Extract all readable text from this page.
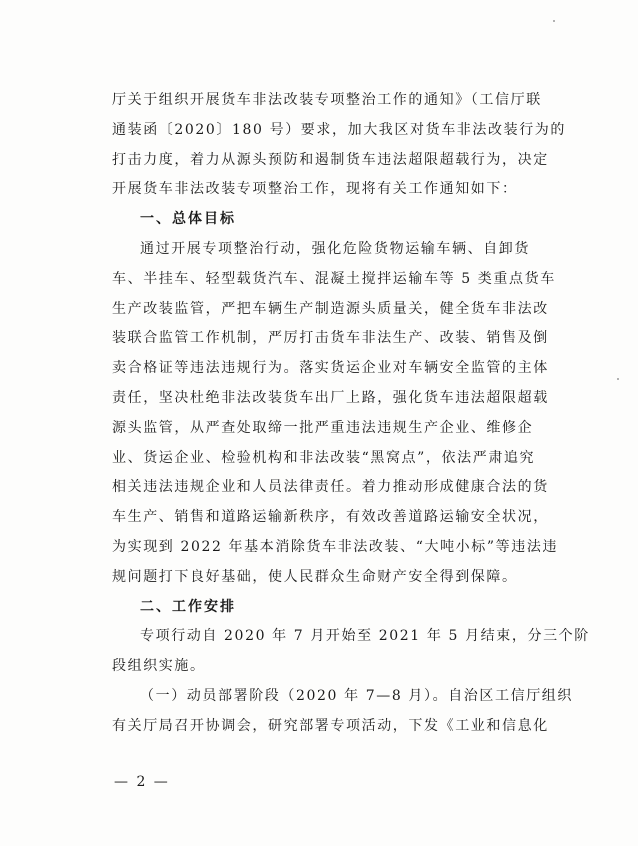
厅关于组织开展货车非法改装专项整治工作的通知》（工信厅联
通装函〔2020〕180 号）要求，加大我区对货车非法改装行为的
打击力度，着力从源头预防和遏制货车违法超限超载行为，决定
开展货车非法改装专项整治工作，现将有关工作通知如下：
一、总体目标
通过开展专项整治行动，强化危险货物运输车辆、自卸货
车、半挂车、轻型载货汽车、混凝土搅拌运输车等 5 类重点货车
生产改装监管，严把车辆生产制造源头质量关，健全货车非法改
装联合监管工作机制，严厉打击货车非法生产、改装、销售及倒
卖合格证等违法违规行为。落实货运企业对车辆安全监管的主体
责任，坚决杜绝非法改装货车出厂上路，强化货车违法超限超载
源头监管，从严查处取缔一批严重违法违规生产企业、维修企
业、货运企业、检验机构和非法改装“黑窝点”，依法严肃追究
相关违法违规企业和人员法律责任。着力推动形成健康合法的货
车生产、销售和道路运输新秩序，有效改善道路运输安全状况，
为实现到 2022 年基本消除货车非法改装、“大吨小标”等违法违
规问题打下良好基础，使人民群众生命财产安全得到保障。
二、工作安排
专项行动自 2020 年 7 月开始至 2021 年 5 月结束，分三个阶
段组织实施。
（一）动员部署阶段（2020 年 7—8 月）。自治区工信厅组织
有关厅局召开协调会，研究部署专项活动，下发《工业和信息化
— 2 —
